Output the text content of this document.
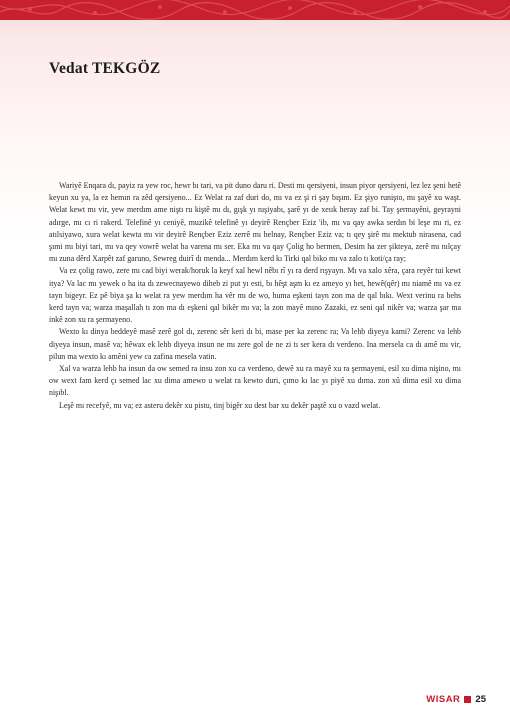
Vedat TEKGÖZ

Wariyê Enqara dı, payiz ra yew roc, hewr bı tari, va pit duno daru ri. Desti mı qersiyeni, insun piyor qersiyeni, lez lez şeni hetê keyun xu ya, la ez hemın ra zêd qersiyeno... Ez Welat ra zaf duri do, mı va ez şi ri şay bışım. Ez şiyo runişto, mı şayê xu waşt. Welat kewt mı vir, yew merdım ame niştı ru kiştê mı dı, gışk yı nışiyabı, şarê yı de xeıık heray zaf bi. Tay şermayêni, geyrayni adırge, mı cı ri rakerd. Telefinê yı ceniyê, muzikê telefinê yı deyirê Rençber Eziz 'ib, mı va qay awka serdın bi leşe mı ri, ez atılsiyawo, xura welat kewta mı vir deyirê Rençber Eziz zerrê mı helnay, Rençber Eziz va; tı qey şirê mı mektub nirasena, cad şımi mı biyi tari, mı va qey vowrê welat ha varena mı ser. Eka mı va qay Çolig ho bermen, Desim ha zer şikteya, zerê mı nılçay mı zuna dêrd Xarpêt zaf garuno, Sewreg duirî dı menda... Merdım kerd kı Tirki qal biko mı va zalo tı koti/ça ray;

Va ez çolig rawo, zere mı cad biyi werak/horuk la keyf xal hewl nêbı rî yı ra derd rışyayn. Mı va xalo xêra, çara reyêr tui kewt itya? Va lac mı yewek o ha ita dı zewecnayewo diheb zi put yı esti, bı hêşt aşm kı ez ameyo yı het, hewê(qêr) mı niamê mı va ez tayn bigeyr. Ez pê biya şa kı welat ra yew merdım ha vêr mı de wo, huma eşkeni tayn zon ma de qal bıkı. Wext verinu ra behs kerd tayn va; warza maşallah tı zon ma dı eşkeni qal bikêr mı va; la zon mayê mıno Zazaki, ez seni qal nikêr va; warza şar ma inkê zon xu ra şermayeno.

Wexto kı dinya beddeyê masê zerê gol dı, zerenc sêr keri dı bi, mase per ka zerenc ra; Va lehb diyeya kami? Zerenc va lehb diyeya insun, masê va; hêwax ek lehb diyeya insun ne mı zere gol de ne zi tı ser kera dı verdeno. Ina mersela ca dı amê mı vir, pilun ma wexto kı amêni yew ca zafina mesela vatin.

Xal va warza lehb ha insun da ow semed ra insu zon xu ca verdeno, dewê xu ra mayê xu ra şermayeni, esil xu dima nişino, mı ow wext fam kerd çı semed lac xu dima amewo u welat ra kewto duri, çımo kı lac yı piyê xu dıma. zon xû dima esil xu dima nişıbl.

Leşê mı recefyê, mı va; ez asteru dekêr xu pistu, tinj bigêr xu dest bar xu dekêr paştê xu o vazd welat.

WISAR 25
